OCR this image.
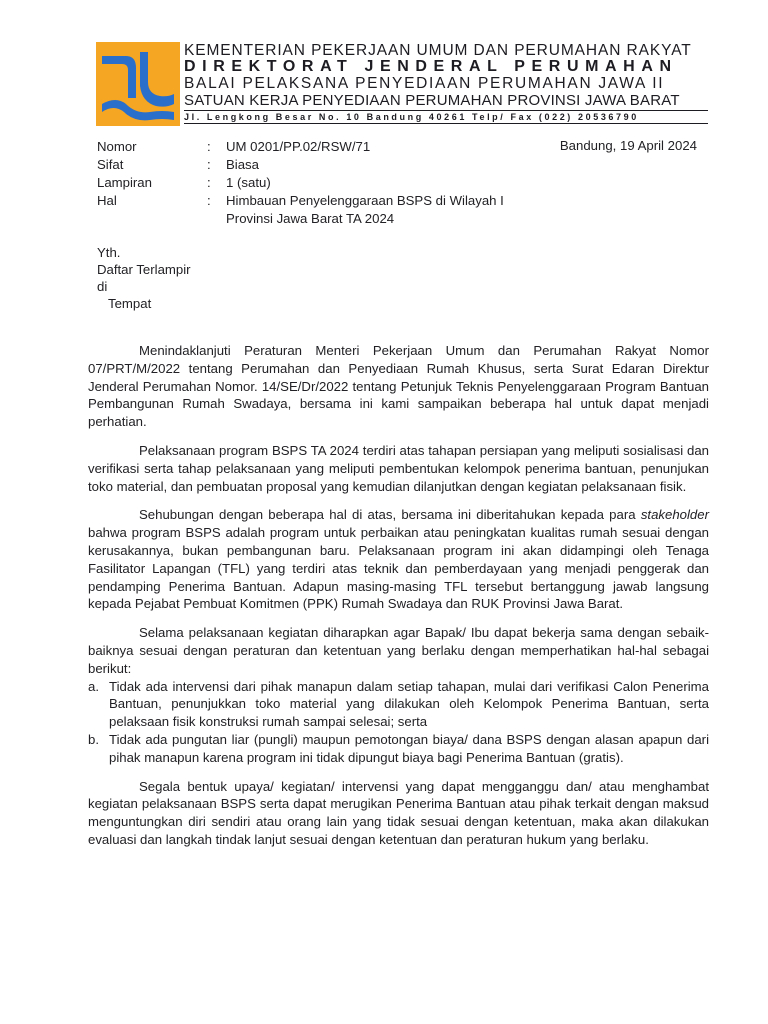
KEMENTERIAN PEKERJAAN UMUM DAN PERUMAHAN RAKYAT
DIREKTORAT JENDERAL PERUMAHAN
BALAI PELAKSANA PENYEDIAAN PERUMAHAN JAWA II
SATUAN KERJA PENYEDIAAN PERUMAHAN PROVINSI JAWA BARAT
Jl. Lengkong Besar No. 10 Bandung 40261 Telp/ Fax (022) 20536790
Bandung, 19 April 2024
Nomor	: UM 0201/PP.02/RSW/71
Sifat	: Biasa
Lampiran	: 1 (satu)
Hal	: Himbauan Penyelenggaraan BSPS di Wilayah I
Provinsi Jawa Barat TA 2024
Yth.
Daftar Terlampir
di
Tempat

Menindaklanjuti Peraturan Menteri Pekerjaan Umum dan Perumahan Rakyat Nomor 07/PRT/M/2022 tentang Perumahan dan Penyediaan Rumah Khusus, serta Surat Edaran Direktur Jenderal Perumahan Nomor. 14/SE/Dr/2022 tentang Petunjuk Teknis Penyelenggaraan Program Bantuan Pembangunan Rumah Swadaya, bersama ini kami sampaikan beberapa hal untuk dapat menjadi perhatian.

Pelaksanaan program BSPS TA 2024 terdiri atas tahapan persiapan yang meliputi sosialisasi dan verifikasi serta tahap pelaksanaan yang meliputi pembentukan kelompok penerima bantuan, penunjukan toko material, dan pembuatan proposal yang kemudian dilanjutkan dengan kegiatan pelaksanaan fisik.

Sehubungan dengan beberapa hal di atas, bersama ini diberitahukan kepada para stakeholder bahwa program BSPS adalah program untuk perbaikan atau peningkatan kualitas rumah sesuai dengan kerusakannya, bukan pembangunan baru. Pelaksanaan program ini akan didampingi oleh Tenaga Fasilitator Lapangan (TFL) yang terdiri atas teknik dan pemberdayaan yang menjadi penggerak dan pendamping Penerima Bantuan. Adapun masing-masing TFL tersebut bertanggung jawab langsung kepada Pejabat Pembuat Komitmen (PPK) Rumah Swadaya dan RUK Provinsi Jawa Barat.

Selama pelaksanaan kegiatan diharapkan agar Bapak/ Ibu dapat bekerja sama dengan sebaik-baiknya sesuai dengan peraturan dan ketentuan yang berlaku dengan memperhatikan hal-hal sebagai berikut:

a. Tidak ada intervensi dari pihak manapun dalam setiap tahapan, mulai dari verifikasi Calon Penerima Bantuan, penunjukkan toko material yang dilakukan oleh Kelompok Penerima Bantuan, serta pelaksaan fisik konstruksi rumah sampai selesai; serta
b. Tidak ada pungutan liar (pungli) maupun pemotongan biaya/ dana BSPS dengan alasan apapun dari pihak manapun karena program ini tidak dipungut biaya bagi Penerima Bantuan (gratis).

Segala bentuk upaya/ kegiatan/ intervensi yang dapat mengganggu dan/ atau menghambat kegiatan pelaksanaan BSPS serta dapat merugikan Penerima Bantuan atau pihak terkait dengan maksud menguntungkan diri sendiri atau orang lain yang tidak sesuai dengan ketentuan, maka akan dilakukan evaluasi dan langkah tindak lanjut sesuai dengan ketentuan dan peraturan hukum yang berlaku.
